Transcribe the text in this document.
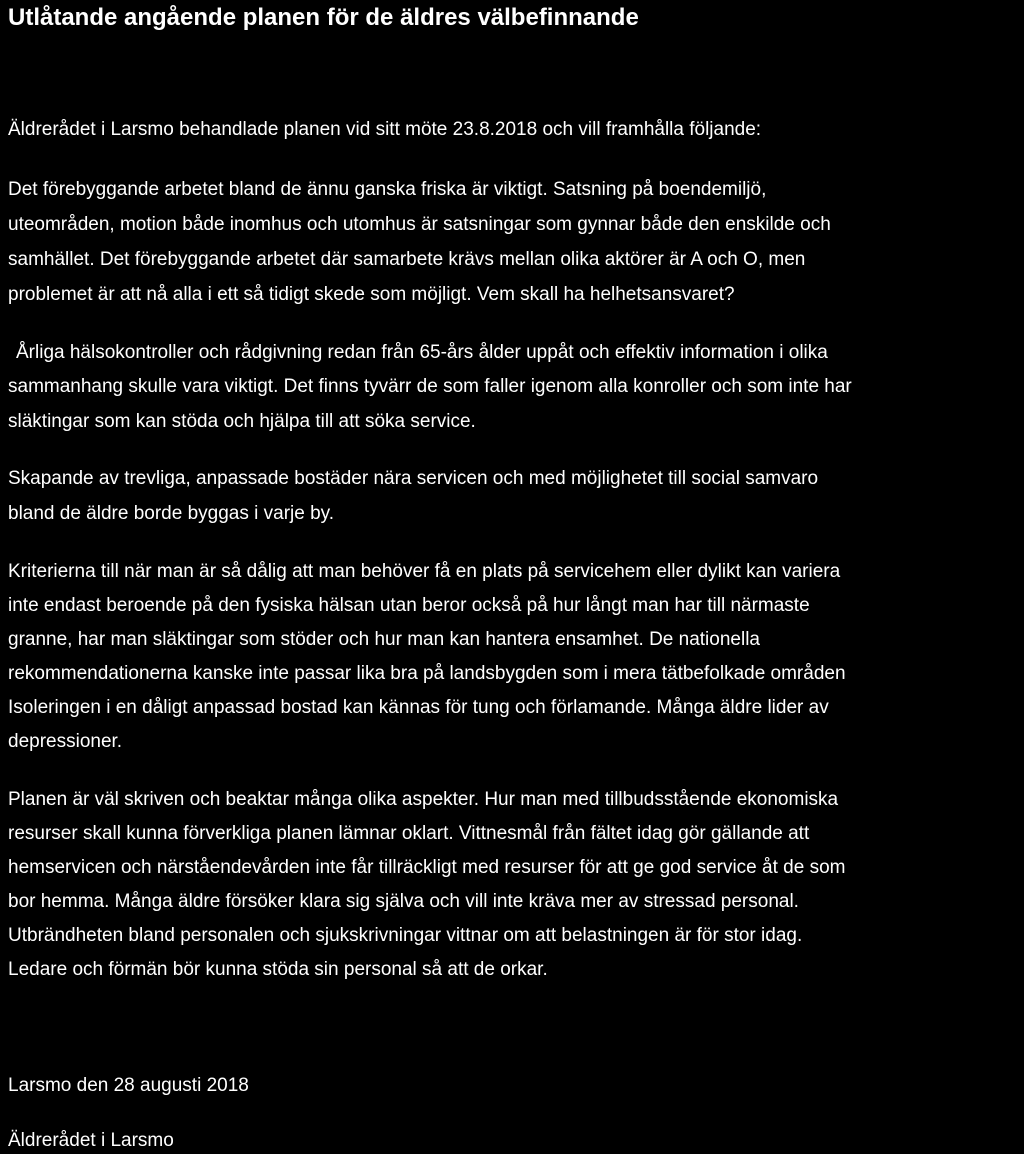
Utlåtande angående planen för de äldres välbefinnande

Äldrerådet i Larsmo behandlade planen vid sitt möte 23.8.2018 och vill framhålla följande:

Det förebyggande arbetet bland de ännu ganska friska är viktigt. Satsning på boendemiljö,

uteområden, motion både inomhus och utomhus är satsningar som gynnar både den enskilde och

samhället. Det förebyggande arbetet där samarbete krävs mellan olika aktörer är A och O, men

problemet är att nå alla i ett så tidigt skede som möjligt. Vem skall ha helhetsansvaret?

Årliga hälsokontroller och rådgivning redan från 65-års ålder uppåt och effektiv information i olika

sammanhang skulle vara viktigt. Det finns tyvärr de som faller igenom alla konroller och som inte har

släktingar som kan stöda och hjälpa till att söka service.

Skapande av trevliga, anpassade bostäder nära servicen och med möjlighetet till social samvaro

bland de äldre borde byggas i varje by.

Kriterierna till när man är så dålig att man behöver få en plats på servicehem eller dylikt kan variera

inte endast beroende på den fysiska hälsan utan beror också på hur långt man har till närmaste

granne, har man släktingar som stöder och hur man kan hantera ensamhet. De nationella

rekommendationerna kanske inte passar lika bra på landsbygden som i mera tätbefolkade områden

Isoleringen i en dåligt anpassad bostad kan kännas för tung och förlamande. Många äldre lider av

depressioner.

Planen är väl skriven och beaktar många olika aspekter. Hur man med tillbudsstående ekonomiska

resurser skall kunna förverkliga planen lämnar oklart. Vittnesmål från fältet idag gör gällande att

hemservicen och närståendevården inte får tillräckligt med resurser för att ge god service åt de som

bor hemma. Många äldre försöker klara sig själva och vill inte kräva mer av stressad personal.

Utbrändheten bland personalen och sjukskrivningar vittnar om att belastningen är för stor idag.

Ledare och förmän bör kunna stöda sin personal så att de orkar.

Larsmo den 28 augusti 2018

Äldrerådet i Larsmo
